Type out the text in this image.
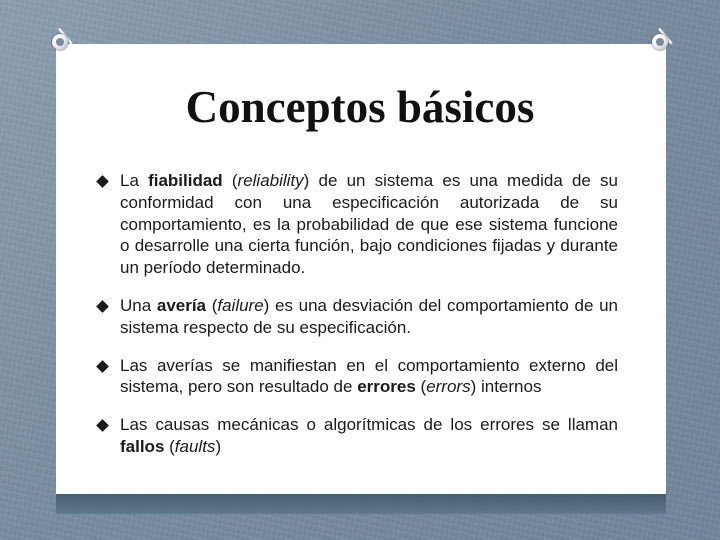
Conceptos básicos
La fiabilidad (reliability) de un sistema es una medida de su conformidad con una especificación autorizada de su comportamiento, es la probabilidad de que ese sistema funcione o desarrolle una cierta función, bajo condiciones fijadas y durante un período determinado.
Una avería (failure) es una desviación del comportamiento de un sistema respecto de su especificación.
Las averías se manifiestan en el comportamiento externo del sistema, pero son resultado de errores (errors) internos
Las causas mecánicas o algorítmicas de los errores se llaman fallos (faults)
